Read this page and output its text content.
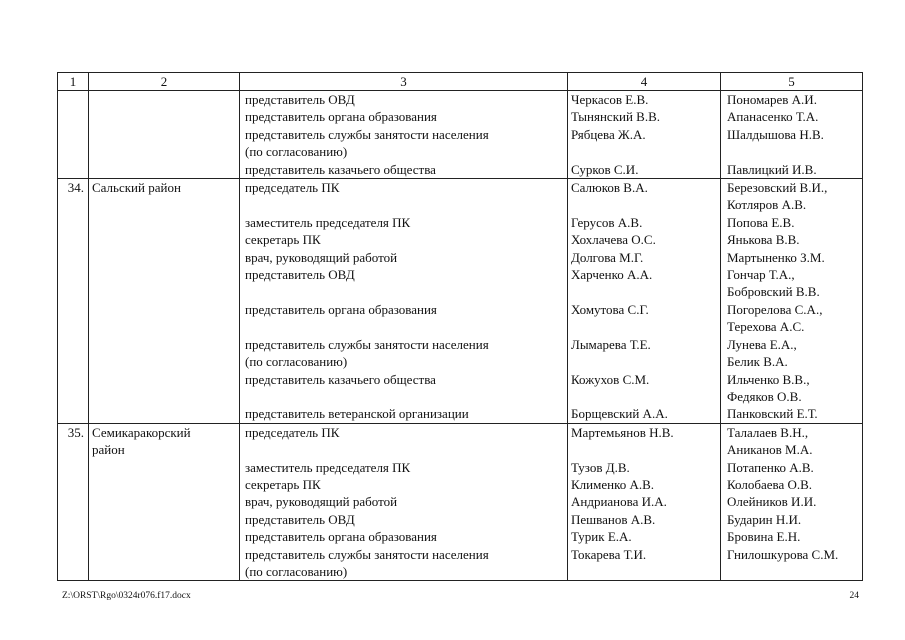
1	2	3	4	5
		представитель ОВД	Черкасов Е.В.	Пономарев А.И.
		представитель органа образования	Тынянский В.В.	Апанасенко Т.А.
		представитель службы занятости населения	Рябцева Ж.А.	Шалдышова Н.В.
		(по согласованию)		
		представитель казачьего общества	Сурков С.И.	Павлицкий И.В.
34.	Сальский район	председатель ПК	Салюков В.А.	Березовский В.И.,
				Котляров А.В.
		заместитель председателя ПК	Герусов А.В.	Попова Е.В.
		секретарь ПК	Хохлачева О.С.	Янькова В.В.
		врач, руководящий работой	Долгова М.Г.	Мартыненко З.М.
		представитель ОВД	Харченко А.А.	Гончар Т.А.,
				Бобровский В.В.
		представитель органа образования	Хомутова С.Г.	Погорелова С.А.,
				Терехова А.С.
		представитель службы занятости населения	Лымарева Т.Е.	Лунева Е.А.,
		(по согласованию)		Белик В.А.
		представитель казачьего общества	Кожухов С.М.	Ильченко В.В.,
				Федяков О.В.
		представитель ветеранской организации	Борщевский А.А.	Панковский Е.Т.
35.	Семикаракорский	председатель ПК	Мартемьянов Н.В.	Талалаев В.Н.,
	район			Аниканов М.А.
		заместитель председателя ПК	Тузов Д.В.	Потапенко А.В.
		секретарь ПК	Клименко А.В.	Колобаева О.В.
		врач, руководящий работой	Андрианова И.А.	Олейников И.И.
		представитель ОВД	Пешванов А.В.	Бударин Н.И.
		представитель органа образования	Турик Е.А.	Бровина Е.Н.
		представитель службы занятости населения	Токарева Т.И.	Гнилошкурова С.М.
		(по согласованию)		
Z:\ORST\Rgo\0324r076.f17.docx	24
